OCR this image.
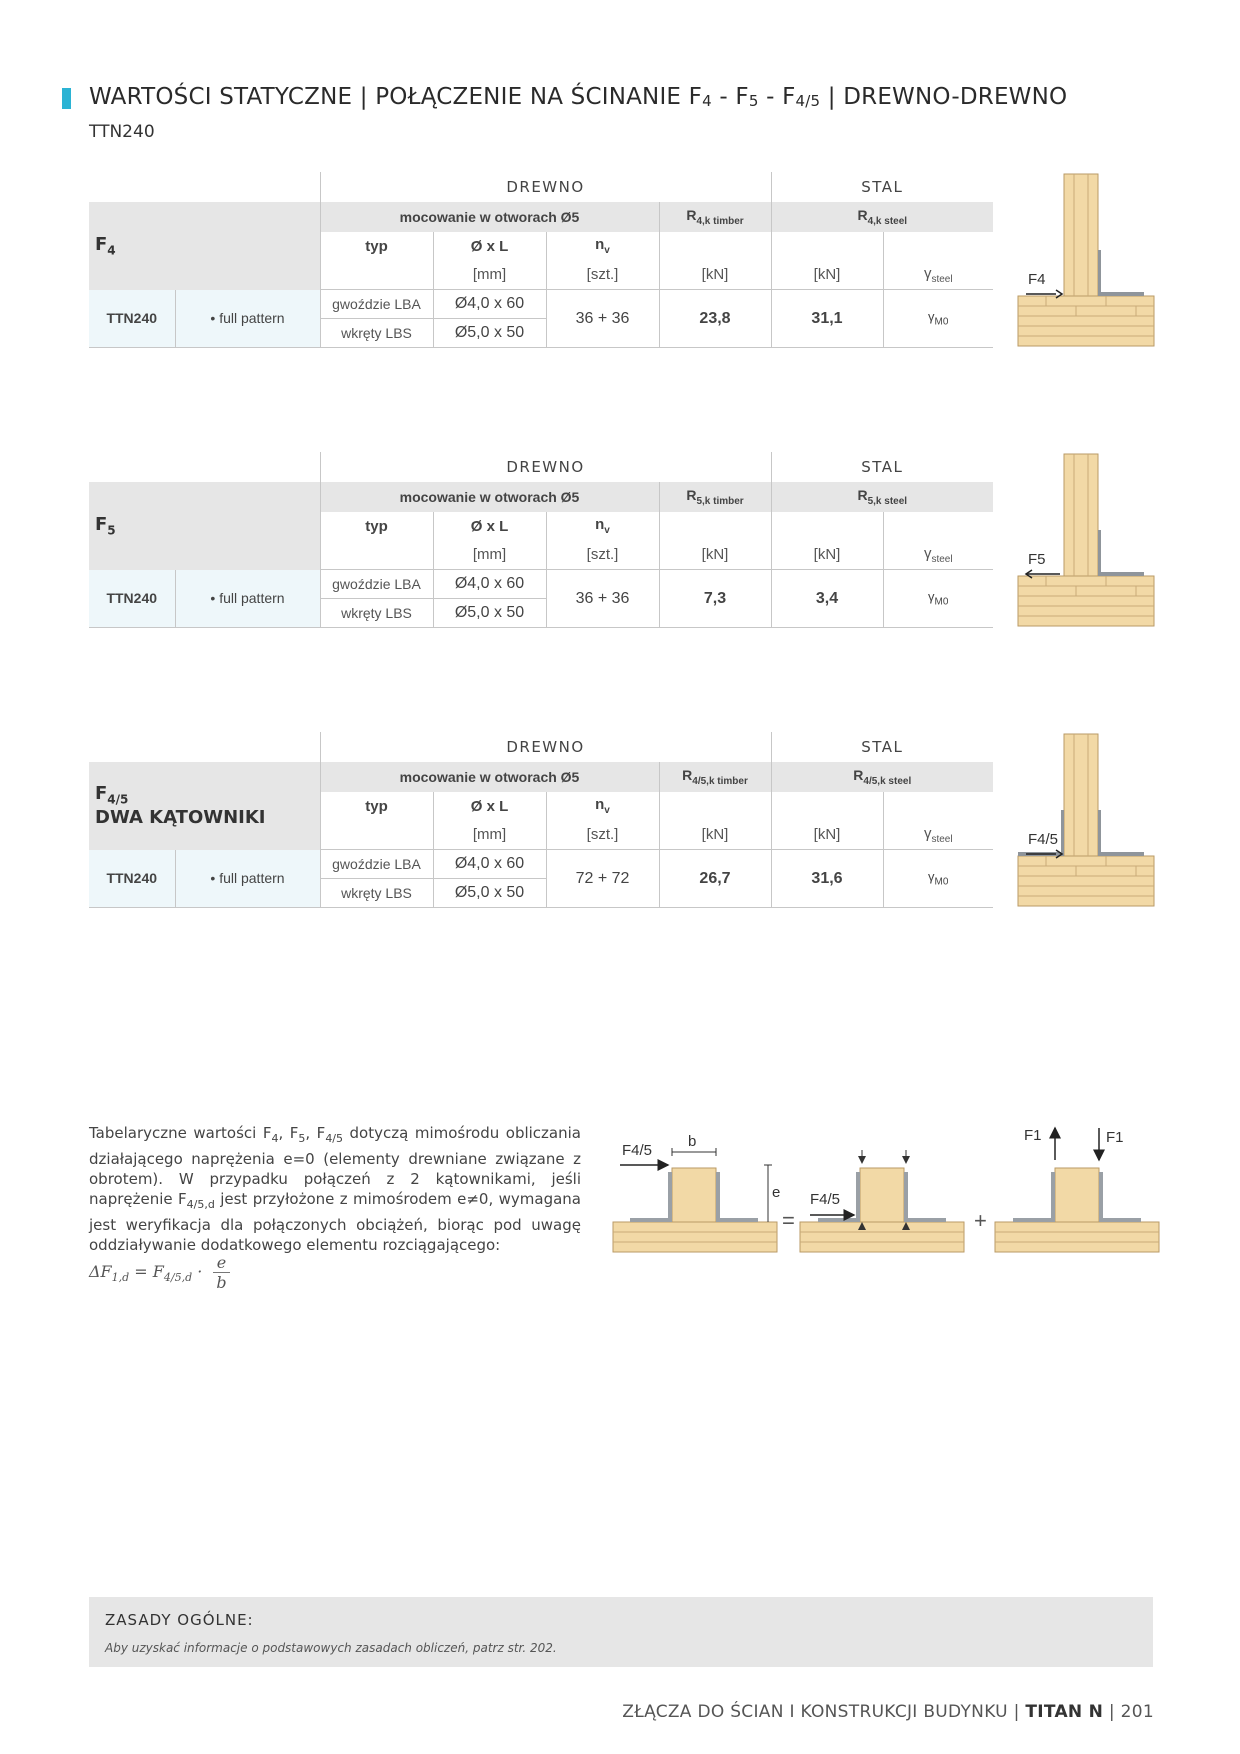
WARTOŚCI STATYCZNE | POŁĄCZENIE NA ŚCINANIE $F_4 - F_5 - F_{4/5}$ | DREWNO-DREWNO
TTN240
		DREWNO				STAL	
$F_4$		mocowanie w otworach Ø5			$R_{4,k timber}$	$R_{4,k steel}$
		typ	Ø x L	$n_v$			
			[mm]	[szt.]	[kN]	[kN]	$\gamma_{steel}$
TTN240	• full pattern	gwoździe LBA	Ø4,0 x 60	36 + 36	23,8	31,1	$\gamma_{M0}$
		wkręty LBS	Ø5,0 x 50				
		DREWNO				STAL	
$F_5$		mocowanie w otworach Ø5			$R_{5,k timber}$	$R_{5,k steel}$
		typ	Ø x L	$n_v$			
			[mm]	[szt.]	[kN]	[kN]	$\gamma_{steel}$
TTN240	• full pattern	gwoździe LBA	Ø4,0 x 60	36 + 36	7,3	3,4	$\gamma_{M0}$
		wkręty LBS	Ø5,0 x 50				
		DREWNO				STAL	
$F_{4/5}$
DWA KĄTOWNIKI		mocowanie w otworach Ø5			$R_{4/5,k timber}$	$R_{4/5,k steel}$
		typ	Ø x L	$n_v$			
			[mm]	[szt.]	[kN]	[kN]	$\gamma_{steel}$
TTN240	• full pattern	gwoździe LBA	Ø4,0 x 60	72 + 72	26,7	31,6	$\gamma_{M0}$
		wkręty LBS	Ø5,0 x 50				
F4
F5
F4/5
Tabelaryczne wartości $F_4$, $F_5$, $F_{4/5}$ dotyczą mimośrodu obliczania działającego naprężenia e=0 (elementy drewniane związane z obrotem). W przypadku połączeń z 2 kątownikami, jeśli naprężenie $F_{4/5,d}$ jest przyłożone z mimośrodem e≠0, wymagana jest weryfikacja dla połączonych obciążeń, biorąc pod uwagę oddziaływanie dodatkowego elementu rozciągającego:
$\Delta F_{1,d} = F_{4/5,d} \cdot \frac{e}{b}$
F4/5
b
e
=
F4/5
+
F1	F1
ZASADY OGÓLNE:
Aby uzyskać informacje o podstawowych zasadach obliczeń, patrz str. 202.
ZŁĄCZA DO ŚCIAN I KONSTRUKCJI BUDYNKU | TITAN N | 201
